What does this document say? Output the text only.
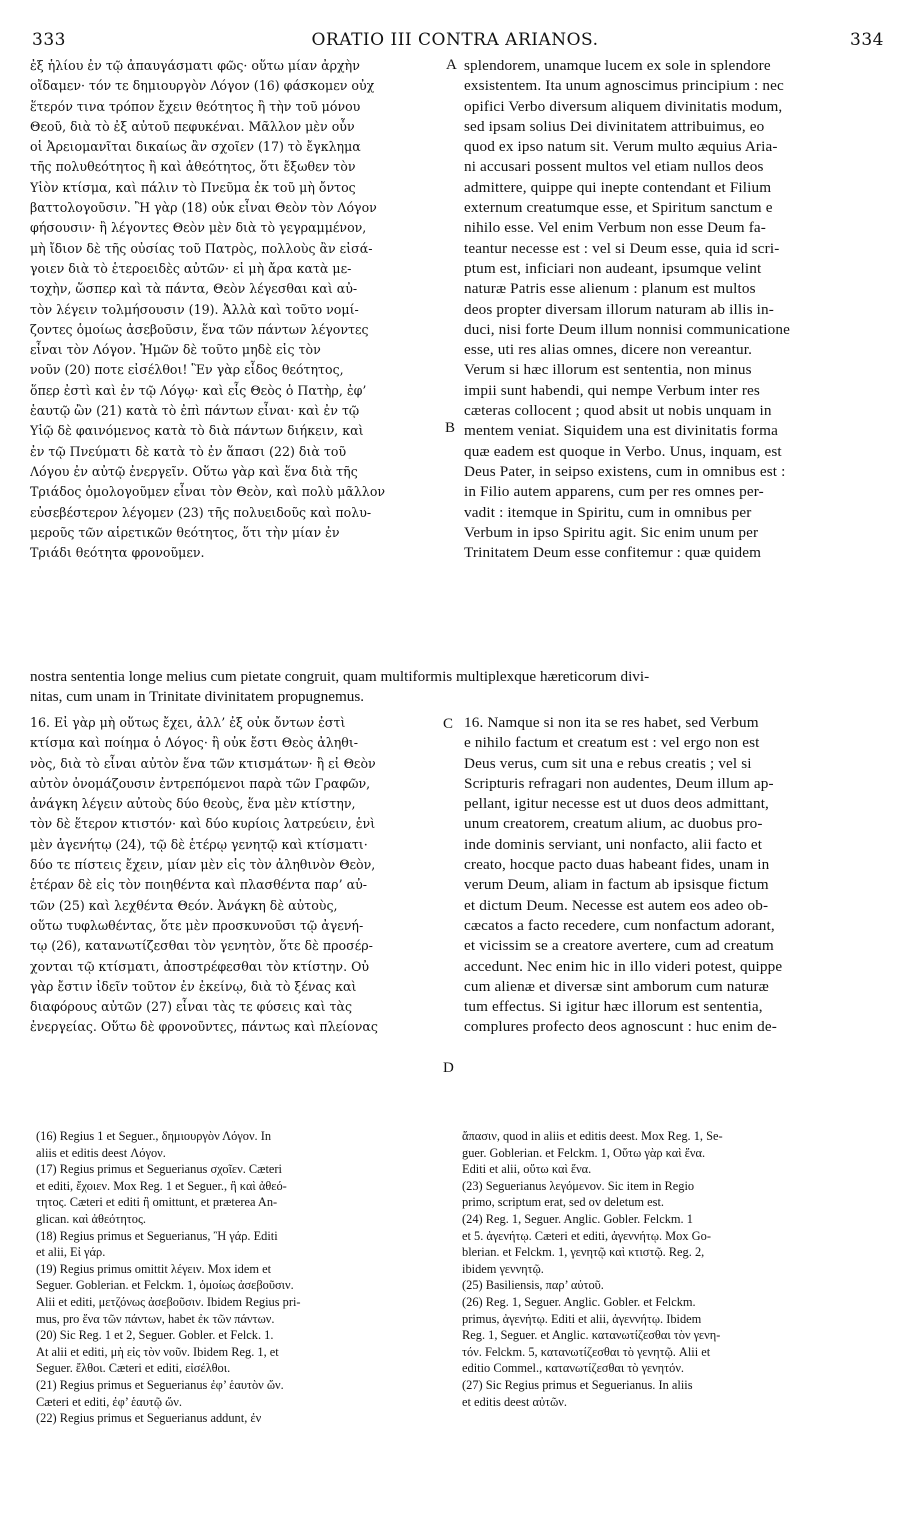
333	ORATIO III CONTRA ARIANOS.	334
A
B
C
D
ἐξ ἡλίου ἐν τῷ ἀπαυγάσματι φῶς· οὕτω μίαν ἀρχὴν
οἴδαμεν· τόν τε δημιουργὸν Λόγον (16) φάσκομεν οὐχ
ἕτερόν τινα τρόπον ἔχειν θεότητος ἢ τὴν τοῦ μόνου
Θεοῦ, διὰ τὸ ἐξ αὐτοῦ πεφυκέναι. Μᾶλλον μὲν οὖν
οἱ Ἀρειομανῖται δικαίως ἂν σχοῖεν (17) τὸ ἔγκλημα
τῆς πολυθεότητος ἢ καὶ ἀθεότητος, ὅτι ἔξωθεν τὸν
Υἱὸν κτίσμα, καὶ πάλιν τὸ Πνεῦμα ἐκ τοῦ μὴ ὄντος
βαττολογοῦσιν. Ἢ γὰρ (18) οὐκ εἶναι Θεὸν τὸν Λόγον
φήσουσιν· ἢ λέγοντες Θεὸν μὲν διὰ τὸ γεγραμμένον,
μὴ ἴδιον δὲ τῆς οὐσίας τοῦ Πατρὸς, πολλοὺς ἂν εἰσά-
γοιεν διὰ τὸ ἑτεροειδὲς αὐτῶν· εἰ μὴ ἄρα κατὰ με-
τοχὴν, ὥσπερ καὶ τὰ πάντα, Θεὸν λέγεσθαι καὶ αὐ-
τὸν λέγειν τολμήσουσιν (19). Ἀλλὰ καὶ τοῦτο νομί-
ζοντες ὁμοίως ἀσεβοῦσιν, ἕνα τῶν πάντων λέγοντες
εἶναι τὸν Λόγον. Ἡμῶν δὲ τοῦτο μηδὲ εἰς τὸν
νοῦν (20) ποτε εἰσέλθοι! Ἓν γὰρ εἶδος θεότητος,
ὅπερ ἐστὶ καὶ ἐν τῷ Λόγῳ· καὶ εἷς Θεὸς ὁ Πατὴρ, ἐφ’
ἑαυτῷ ὢν (21) κατὰ τὸ ἐπὶ πάντων εἶναι· καὶ ἐν τῷ
Υἱῷ δὲ φαινόμενος κατὰ τὸ διὰ πάντων διήκειν, καὶ
ἐν τῷ Πνεύματι δὲ κατὰ τὸ ἐν ἅπασι (22) διὰ τοῦ
Λόγου ἐν αὐτῷ ἐνεργεῖν. Οὕτω γὰρ καὶ ἕνα διὰ τῆς
Τριάδος ὁμολογοῦμεν εἶναι τὸν Θεὸν, καὶ πολὺ μᾶλλον
εὐσεβέστερον λέγομεν (23) τῆς πολυειδοῦς καὶ πολυ-
μεροῦς τῶν αἱρετικῶν θεότητος, ὅτι τὴν μίαν ἐν
Τριάδι θεότητα φρονοῦμεν.
splendorem, unamque lucem ex sole in splendore
exsistentem. Ita unum agnoscimus principium : nec
opifici Verbo diversum aliquem divinitatis modum,
sed ipsam solius Dei divinitatem attribuimus, eo
quod ex ipso natum sit. Verum multo æquius Aria-
ni accusari possent multos vel etiam nullos deos
admittere, quippe qui inepte contendant et Filium
externum creatumque esse, et Spiritum sanctum e
nihilo esse. Vel enim Verbum non esse Deum fa-
teantur necesse est : vel si Deum esse, quia id scri-
ptum est, inficiari non audeant, ipsumque velint
naturæ Patris esse alienum : planum est multos
deos propter diversam illorum naturam ab illis in-
duci, nisi forte Deum illum nonnisi communicatione
esse, uti res alias omnes, dicere non vereantur.
Verum si hæc illorum est sententia, non minus
impii sunt habendi, qui nempe Verbum inter res
cæteras collocent ; quod absit ut nobis unquam in
mentem veniat. Siquidem una est divinitatis forma
quæ eadem est quoque in Verbo. Unus, inquam, est
Deus Pater, in seipso existens, cum in omnibus est :
in Filio autem apparens, cum per res omnes per-
vadit : itemque in Spiritu, cum in omnibus per
Verbum in ipso Spiritu agit. Sic enim unum per
Trinitatem Deum esse confitemur : quæ quidem
nostra sententia longe melius cum pietate congruit, quam multiformis multiplexque hæreticorum divi-
nitas, cum unam in Trinitate divinitatem propugnemus.
16. Εἰ γὰρ μὴ οὕτως ἔχει, ἀλλ’ ἐξ οὐκ ὄντων ἐστὶ
κτίσμα καὶ ποίημα ὁ Λόγος· ἢ οὐκ ἔστι Θεὸς ἀληθι-
νὸς, διὰ τὸ εἶναι αὐτὸν ἕνα τῶν κτισμάτων· ἢ εἰ Θεὸν
αὐτὸν ὀνομάζουσιν ἐντρεπόμενοι παρὰ τῶν Γραφῶν,
ἀνάγκη λέγειν αὐτοὺς δύο θεοὺς, ἕνα μὲν κτίστην,
τὸν δὲ ἕτερον κτιστόν· καὶ δύο κυρίοις λατρεύειν, ἑνὶ
μὲν ἀγενήτῳ (24), τῷ δὲ ἑτέρῳ γενητῷ καὶ κτίσματι·
δύο τε πίστεις ἔχειν, μίαν μὲν εἰς τὸν ἀληθινὸν Θεὸν,
ἑτέραν δὲ εἰς τὸν ποιηθέντα καὶ πλασθέντα παρ’ αὐ-
τῶν (25) καὶ λεχθέντα Θεόν. Ἀνάγκη δὲ αὐτοὺς,
οὕτω τυφλωθέντας, ὅτε μὲν προσκυνοῦσι τῷ ἀγενή-
τῳ (26), κατανωτίζεσθαι τὸν γενητὸν, ὅτε δὲ προσέρ-
χονται τῷ κτίσματι, ἀποστρέφεσθαι τὸν κτίστην. Οὐ
γὰρ ἔστιν ἰδεῖν τοῦτον ἐν ἐκείνῳ, διὰ τὸ ξένας καὶ
διαφόρους αὐτῶν (27) εἶναι τὰς τε φύσεις καὶ τὰς
ἐνεργείας. Οὕτω δὲ φρονοῦντες, πάντως καὶ πλείονας
16. Namque si non ita se res habet, sed Verbum
e nihilo factum et creatum est : vel ergo non est
Deus verus, cum sit una e rebus creatis ; vel si
Scripturis refragari non audentes, Deum illum ap-
pellant, igitur necesse est ut duos deos admittant,
unum creatorem, creatum alium, ac duobus pro-
inde dominis serviant, uni nonfacto, alii facto et
creato, hocque pacto duas habeant fides, unam in
verum Deum, aliam in factum ab ipsisque fictum
et dictum Deum. Necesse est autem eos adeo ob-
cæcatos a facto recedere, cum nonfactum adorant,
et vicissim se a creatore avertere, cum ad creatum
accedunt. Nec enim hic in illo videri potest, quippe
cum alienæ et diversæ sint amborum cum naturæ
tum effectus. Si igitur hæc illorum est sententia,
complures profecto deos agnoscunt : huc enim de-
(16) Regius 1 et Seguer., δημιουργὸν Λόγον. In
aliis et editis deest Λόγον.
(17) Regius primus et Seguerianus σχοῖεν. Cæteri
et editi, ἔχοιεν. Mox Reg. 1 et Seguer., ἢ καὶ ἀθεό-
τητος. Cæteri et editi ἢ omittunt, et præterea An-
glican. καὶ ἀθεότητος.
(18) Regius primus et Seguerianus, Ἢ γάρ. Editi
et alii, Εἰ γάρ.
(19) Regius primus omittit λέγειν. Mox idem et
Seguer. Goblerian. et Felckm. 1, ὁμοίως ἀσεβοῦσιν.
Alii et editi, μετζόνως ἀσεβοῦσιν. Ibidem Regius pri-
mus, pro ἕνα τῶν πάντων, habet ἐκ τῶν πάντων.
(20) Sic Reg. 1 et 2, Seguer. Gobler. et Felck. 1.
At alii et editi, μὴ εἰς τὸν νοῦν. Ibidem Reg. 1, et
Seguer. ἔλθοι. Cæteri et editi, εἰσέλθοι.
(21) Regius primus et Seguerianus ἐφ’ ἑαυτὸν ὤν.
Cæteri et editi, ἐφ’ ἑαυτῷ ὤν.
(22) Regius primus et Seguerianus addunt, ἐν
ἅπασιν, quod in aliis et editis deest. Mox Reg. 1, Se-
guer. Goblerian. et Felckm. 1, Οὕτω γὰρ καὶ ἕνα.
Editi et alii, οὕτω καὶ ἕνα.
(23) Seguerianus λεγόμενον. Sic item in Regio
primo, scriptum erat, sed ov deletum est.
(24) Reg. 1, Seguer. Anglic. Gobler. Felckm. 1
et 5. ἀγενήτῳ. Cæteri et editi, ἀγεννήτῳ. Mox Go-
blerian. et Felckm. 1, γενητῷ καὶ κτιστῷ. Reg. 2,
ibidem γεννητῷ.
(25) Basiliensis, παρ’ αὐτοῦ.
(26) Reg. 1, Seguer. Anglic. Gobler. et Felckm.
primus, ἀγενήτῳ. Editi et alii, ἀγεννήτῳ. Ibidem
Reg. 1, Seguer. et Anglic. κατανωτίζεσθαι τὸν γενη-
τόν. Felckm. 5, κατανωτίζεσθαι τὸ γενητῷ. Alii et
editio Commel., κατανωτίζεσθαι τὸ γενητόν.
(27) Sic Regius primus et Seguerianus. In aliis
et editis deest αὐτῶν.
